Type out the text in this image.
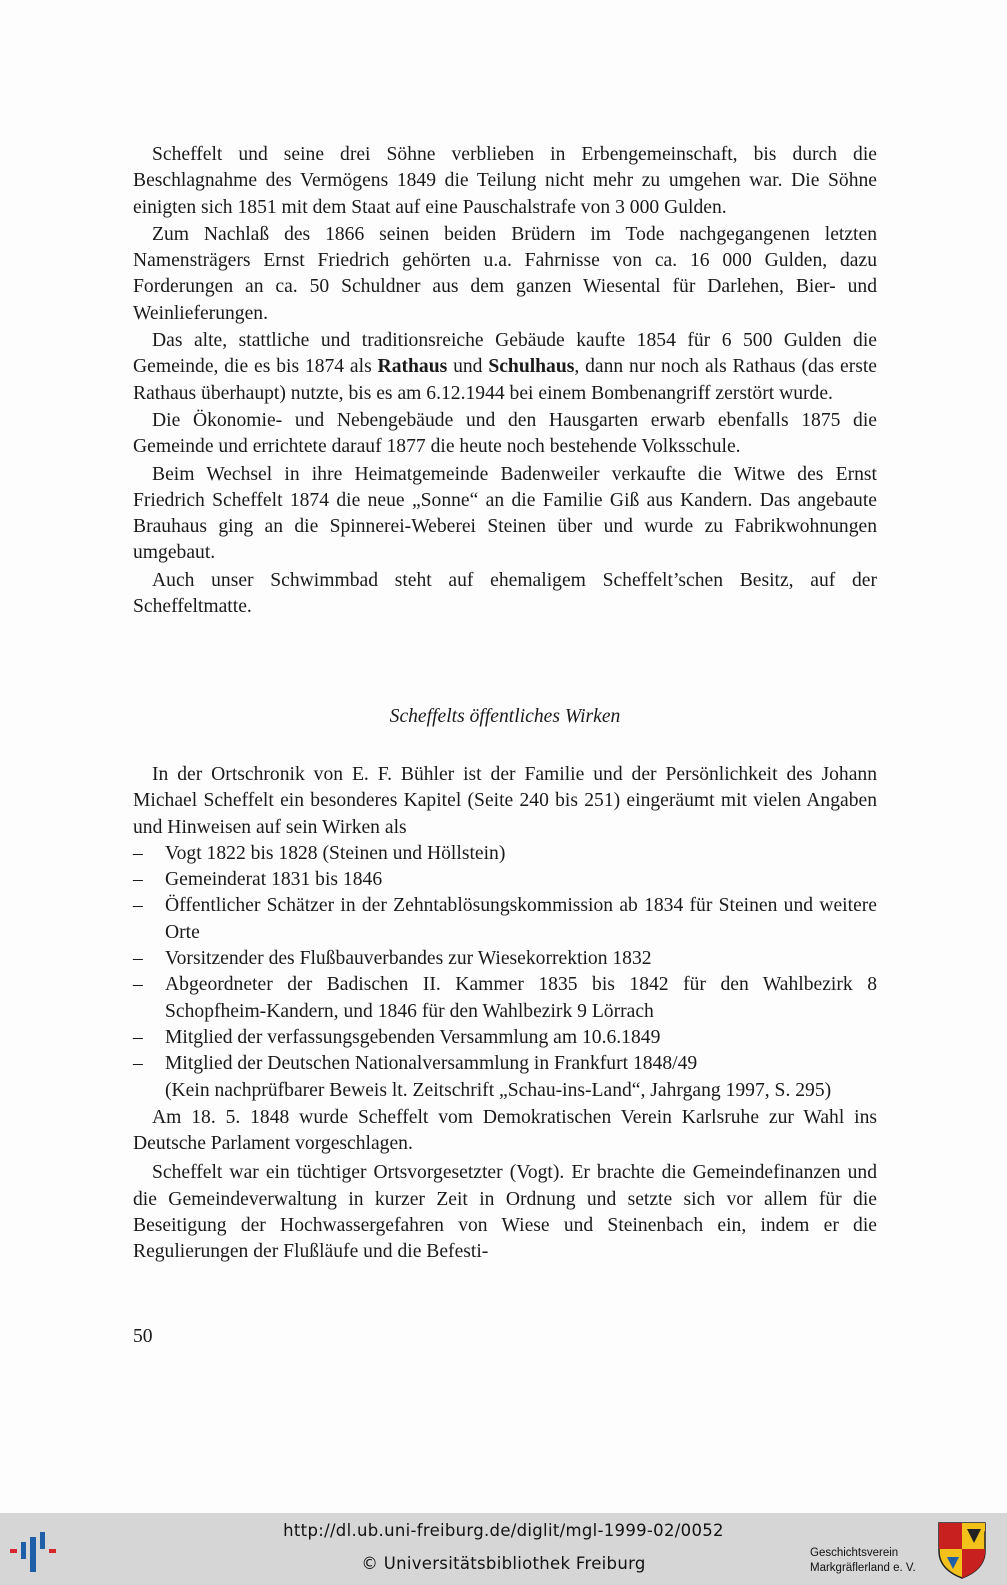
Scheffelt und seine drei Söhne verblieben in Erbengemeinschaft, bis durch die Beschlagnahme des Vermögens 1849 die Teilung nicht mehr zu umgehen war. Die Söhne einigten sich 1851 mit dem Staat auf eine Pauschalstrafe von 3 000 Gulden.

Zum Nachlaß des 1866 seinen beiden Brüdern im Tode nachgegangenen letzten Namensträgers Ernst Friedrich gehörten u.a. Fahrnisse von ca. 16 000 Gulden, dazu Forderungen an ca. 50 Schuldner aus dem ganzen Wiesental für Darlehen, Bier- und Weinlieferungen.

Das alte, stattliche und traditionsreiche Gebäude kaufte 1854 für 6 500 Gulden die Gemeinde, die es bis 1874 als Rathaus und Schulhaus, dann nur noch als Rathaus (das erste Rathaus überhaupt) nutzte, bis es am 6.12.1944 bei einem Bombenangriff zerstört wurde.

Die Ökonomie- und Nebengebäude und den Hausgarten erwarb ebenfalls 1875 die Gemeinde und errichtete darauf 1877 die heute noch bestehende Volksschule.

Beim Wechsel in ihre Heimatgemeinde Badenweiler verkaufte die Witwe des Ernst Friedrich Scheffelt 1874 die neue „Sonne“ an die Familie Giß aus Kandern. Das angebaute Brauhaus ging an die Spinnerei-Weberei Steinen über und wurde zu Fabrikwohnungen umgebaut.

Auch unser Schwimmbad steht auf ehemaligem Scheffelt’schen Besitz, auf der Scheffeltmatte.

Scheffelts öffentliches Wirken

In der Ortschronik von E. F. Bühler ist der Familie und der Persönlichkeit des Johann Michael Scheffelt ein besonderes Kapitel (Seite 240 bis 251) eingeräumt mit vielen Angaben und Hinweisen auf sein Wirken als

– Vogt 1822 bis 1828 (Steinen und Höllstein)
– Gemeinderat 1831 bis 1846
– Öffentlicher Schätzer in der Zehntablösungskommission ab 1834 für Steinen und weitere Orte
– Vorsitzender des Flußbauverbandes zur Wiesekorrektion 1832
– Abgeordneter der Badischen II. Kammer 1835 bis 1842 für den Wahlbezirk 8 Schopfheim-Kandern, und 1846 für den Wahlbezirk 9 Lörrach
– Mitglied der verfassungsgebenden Versammlung am 10.6.1849
– Mitglied der Deutschen Nationalversammlung in Frankfurt 1848/49
(Kein nachprüfbarer Beweis lt. Zeitschrift „Schau-ins-Land“, Jahrgang 1997, S. 295)

Am 18. 5. 1848 wurde Scheffelt vom Demokratischen Verein Karlsruhe zur Wahl ins Deutsche Parlament vorgeschlagen.

Scheffelt war ein tüchtiger Ortsvorgesetzter (Vogt). Er brachte die Gemeindefinanzen und die Gemeindeverwaltung in kurzer Zeit in Ordnung und setzte sich vor allem für die Beseitigung der Hochwassergefahren von Wiese und Steinenbach ein, indem er die Regulierungen der Flußläufe und die Befesti-

50
http://dl.ub.uni-freiburg.de/diglit/mgl-1999-02/0052
© Universitätsbibliothek Freiburg
Geschichtsverein
Markgräflerland e. V.
